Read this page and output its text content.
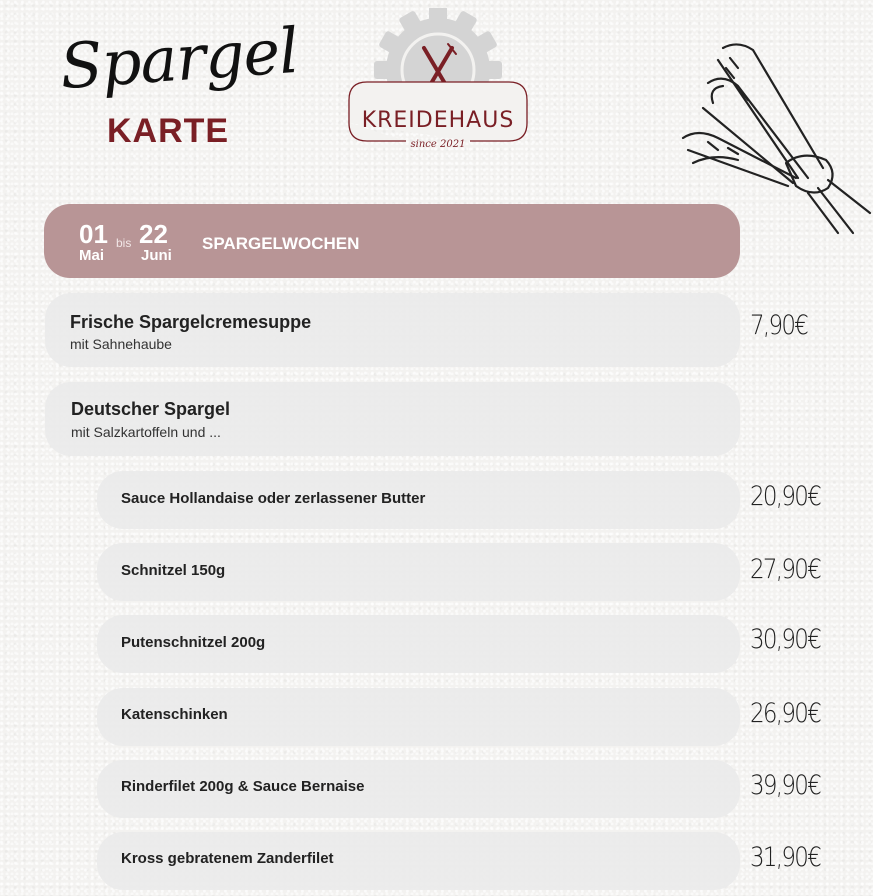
Spargel
KARTE	KREIDEHAUS
since 2021
01
Mai
bis 22
Juni
SPARGELWOCHEN
Frische Spargelcremesuppe
mit Sahnehaube
7,90€
Deutscher Spargel
mit Salzkartoffeln und ...
Sauce Hollandaise oder zerlassener Butter	20,90€
Schnitzel 150g	27,90€
Putenschnitzel 200g	30,90€
Katenschinken	26,90€
Rinderfilet 200g & Sauce Bernaise	39,90€
Kross gebratenem Zanderfilet	31,90€
